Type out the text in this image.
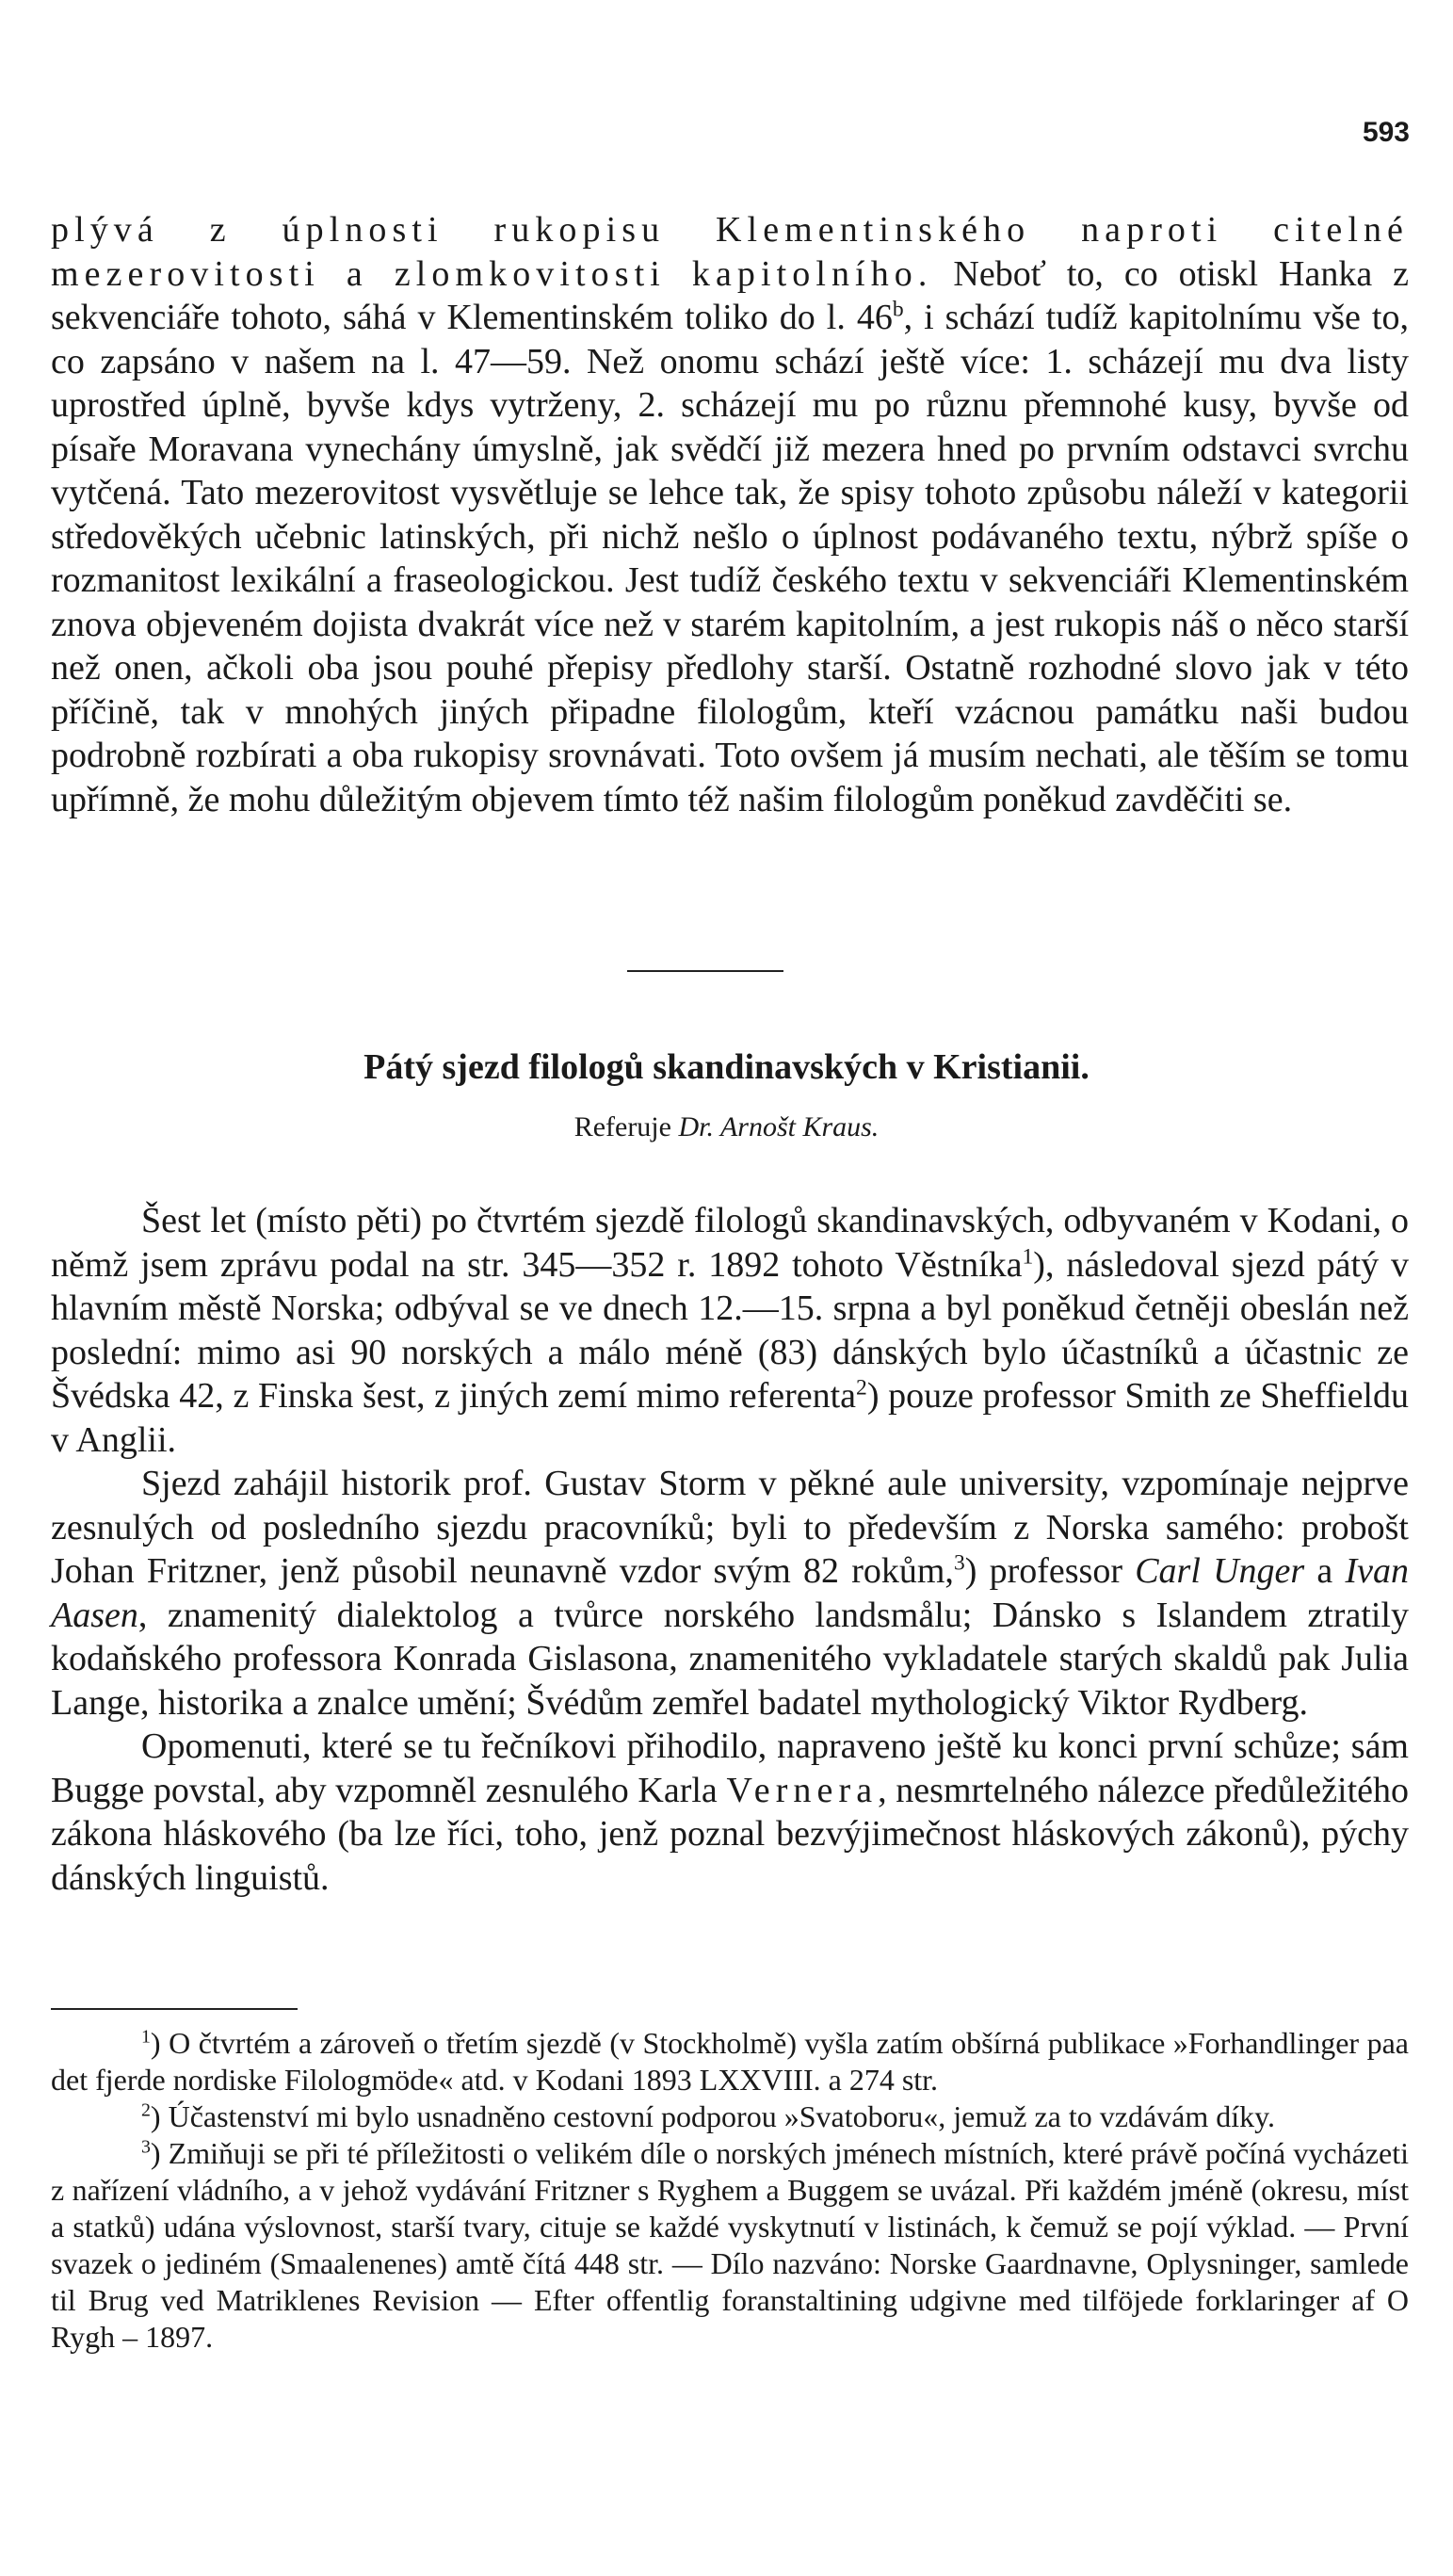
593

plývá z úplnosti rukopisu Klementinského naproti citelné mezerovitosti a zlomkovitosti kapitolního. Neboť to, co otiskl Hanka z sekvenciáře tohoto, sáhá v Klementinském toliko do l. 46$^b$, i schází tudíž kapitolnímu vše to, co zapsáno v našem na l. 47—59. Než onomu schází ještě více: 1. scházejí mu dva listy uprostřed úplně, byvše kdys vytrženy, 2. scházejí mu po různu přemnohé kusy, byvše od písaře Moravana vynechány úmyslně, jak svědčí již mezera hned po prvním odstavci svrchu vytčená. Tato mezerovitost vysvětluje se lehce tak, že spisy tohoto způsobu náleží v kategorii středověkých učebnic latinských, při nichž nešlo o úplnost podávaného textu, nýbrž spíše o rozmanitost lexikální a fraseologickou. Jest tudíž českého textu v sekvenciáři Klementinském znova objeveném dojista dvakrát více než v starém kapitolním, a jest rukopis náš o něco starší než onen, ačkoli oba jsou pouhé přepisy předlohy starší. Ostatně rozhodné slovo jak v této příčině, tak v mnohých jiných připadne filologům, kteří vzácnou památku naši budou podrobně rozbírati a oba rukopisy srovnávati. Toto ovšem já musím nechati, ale těším se tomu upřímně, že mohu důležitým objevem tímto též našim filologům poněkud zavděčiti se.

Pátý sjezd filologů skandinavských v Kristianii.
Referuje Dr. Arnošt Kraus.

Šest let (místo pěti) po čtvrtém sjezdě filologů skandinavských, odbyvaném v Kodani, o němž jsem zprávu podal na str. 345—352 r. 1892 tohoto Věstníka$^1$), následoval sjezd pátý v hlavním městě Norska; odbýval se ve dnech 12.—15. srpna a byl poněkud četněji obeslán než poslední: mimo asi 90 norských a málo méně (83) dánských bylo účastníků a účastnic ze Švédska 42, z Finska šest, z jiných zemí mimo referenta$^2$) pouze professor Smith ze Sheffieldu v Anglii.

Sjezd zahájil historik prof. Gustav Storm v pěkné aule university, vzpomínaje nejprve zesnulých od posledního sjezdu pracovníků; byli to především z Norska samého: probošt Johan Fritzner, jenž působil neunavně vzdor svým 82 rokům,$^3$) professor Carl Unger a Ivan Aasen, znamenitý dialektolog a tvůrce norského landsmålu; Dánsko s Islandem ztratily kodaňského professora Konrada Gislasona, znamenitého vykladatele starých skaldů pak Julia Lange, historika a znalce umění; Švédům zemřel badatel mythologický Viktor Rydberg.

Opomenuti, které se tu řečníkovi přihodilo, napraveno ještě ku konci první schůze; sám Bugge povstal, aby vzpomněl zesnulého Karla Vernera, nesmrtelného nálezce předůležitého zákona hláskového (ba lze říci, toho, jenž poznal bezvýjimečnost hláskových zákonů), pýchy dánských linguistů.

$^1$) O čtvrtém a zároveň o třetím sjezdě (v Stockholmě) vyšla zatím obšírná publikace »Forhandlinger paa det fjerde nordiske Filologmöde« atd. v Kodani 1893 LXXVIII. a 274 str.

$^2$) Účastenství mi bylo usnadněno cestovní podporou »Svatoboru«, jemuž za to vzdávám díky.

$^3$) Zmiňuji se při té příležitosti o velikém díle o norských jménech místních, které právě počíná vycházeti z nařízení vládního, a v jehož vydávání Fritzner s Ryghem a Buggem se uvázal. Při každém jméně (okresu, míst a statků) udána výslovnost, starší tvary, cituje se každé vyskytnutí v listinách, k čemuž se pojí výklad. — První svazek o jediném (Smaalenenes) amtě čítá 448 str. — Dílo nazváno: Norske Gaardnavne, Oplysninger, samlede til Brug ved Matriklenes Revision — Efter offentlig foranstaltining udgivne med tilföjede forklaringer af O Rygh – 1897.
